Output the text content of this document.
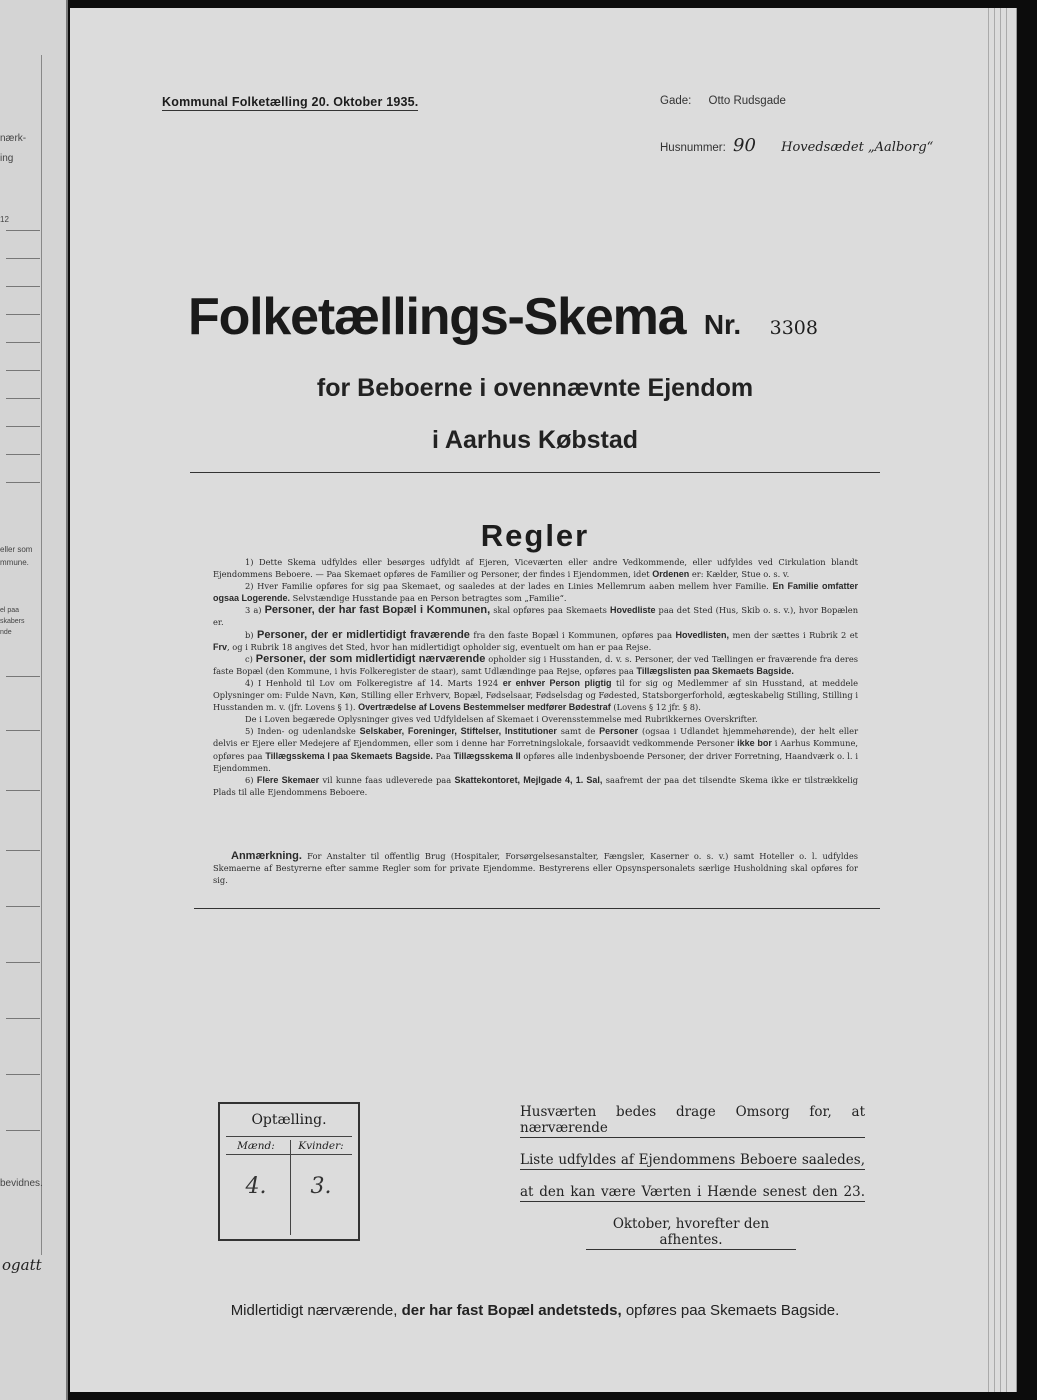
nærk-
ing
12
eller som
mmune.
el paa
skabers
nde
bevidnes.
ogatt
Kommunal Folketælling 20. Oktober 1935.	Gade: Otto Rudsgade
Husnummer: 90 Hovedsædet „Aalborg“
Folketællings-Skema Nr. 3308
for Beboerne i ovennævnte Ejendom
i Aarhus Købstad
Regler

1) Dette Skema udfyldes eller besørges udfyldt af Ejeren, Viceværten eller andre Vedkommende, eller udfyldes ved Cirkulation blandt Ejendommens Beboere. — Paa Skemaet opføres de Familier og Personer, der findes i Ejendommen, idet Ordenen er: Kælder, Stue o. s. v.

2) Hver Familie opføres for sig paa Skemaet, og saaledes at der lades en Linies Mellemrum aaben mellem hver Familie. En Familie omfatter ogsaa Logerende. Selvstændige Husstande paa en Person betragtes som „Familie“.

3 a) Personer, der har fast Bopæl i Kommunen, skal opføres paa Skemaets Hovedliste paa det Sted (Hus, Skib o. s. v.), hvor Bopælen er.

b) Personer, der er midlertidigt fraværende fra den faste Bopæl i Kommunen, opføres paa Hovedlisten, men der sættes i Rubrik 2 et Frv, og i Rubrik 18 angives det Sted, hvor han midlertidigt opholder sig, eventuelt om han er paa Rejse.

c) Personer, der som midlertidigt nærværende opholder sig i Husstanden, d. v. s. Personer, der ved Tællingen er fraværende fra deres faste Bopæl (den Kommune, i hvis Folkeregister de staar), samt Udlændinge paa Rejse, opføres paa Tillægslisten paa Skemaets Bagside.

4) I Henhold til Lov om Folkeregistre af 14. Marts 1924 er enhver Person pligtig til for sig og Medlemmer af sin Husstand, at meddele Oplysninger om: Fulde Navn, Køn, Stilling eller Erhverv, Bopæl, Fødselsaar, Fødselsdag og Fødested, Statsborgerforhold, ægteskabelig Stilling, Stilling i Husstanden m. v. (jfr. Lovens § 1). Overtrædelse af Lovens Bestemmelser medfører Bødestraf (Lovens § 12 jfr. § 8).

De i Loven begærede Oplysninger gives ved Udfyldelsen af Skemaet i Overensstemmelse med Rubrikkernes Overskrifter.

5) Inden- og udenlandske Selskaber, Foreninger, Stiftelser, Institutioner samt de Personer (ogsaa i Udlandet hjemmehørende), der helt eller delvis er Ejere eller Medejere af Ejendommen, eller som i denne har Forretningslokale, forsaavidt vedkommende Personer ikke bor i Aarhus Kommune, opføres paa Tillægsskema I paa Skemaets Bagside. Paa Tillægsskema II opføres alle indenbysboende Personer, der driver Forretning, Haandværk o. l. i Ejendommen.

6) Flere Skemaer vil kunne faas udleverede paa Skattekontoret, Mejlgade 4, 1. Sal, saafremt der paa det tilsendte Skema ikke er tilstrækkelig Plads til alle Ejendommens Beboere.

Anmærkning. For Anstalter til offentlig Brug (Hospitaler, Forsørgelsesanstalter, Fængsler, Kaserner o. s. v.) samt Hoteller o. l. udfyldes Skemaerne af Bestyrerne efter samme Regler som for private Ejendomme. Bestyrerens eller Opsynspersonalets særlige Husholdning skal opføres for sig.
Optælling.
Mænd:
4.
Kvinder:
3.
Husværten bedes drage Omsorg for, at nærværende
Liste udfyldes af Ejendommens Beboere saaledes,
at den kan være Værten i Hænde senest den 23.
Oktober, hvorefter den afhentes.
Midlertidigt nærværende, der har fast Bopæl andetsteds, opføres paa Skemaets Bagside.
